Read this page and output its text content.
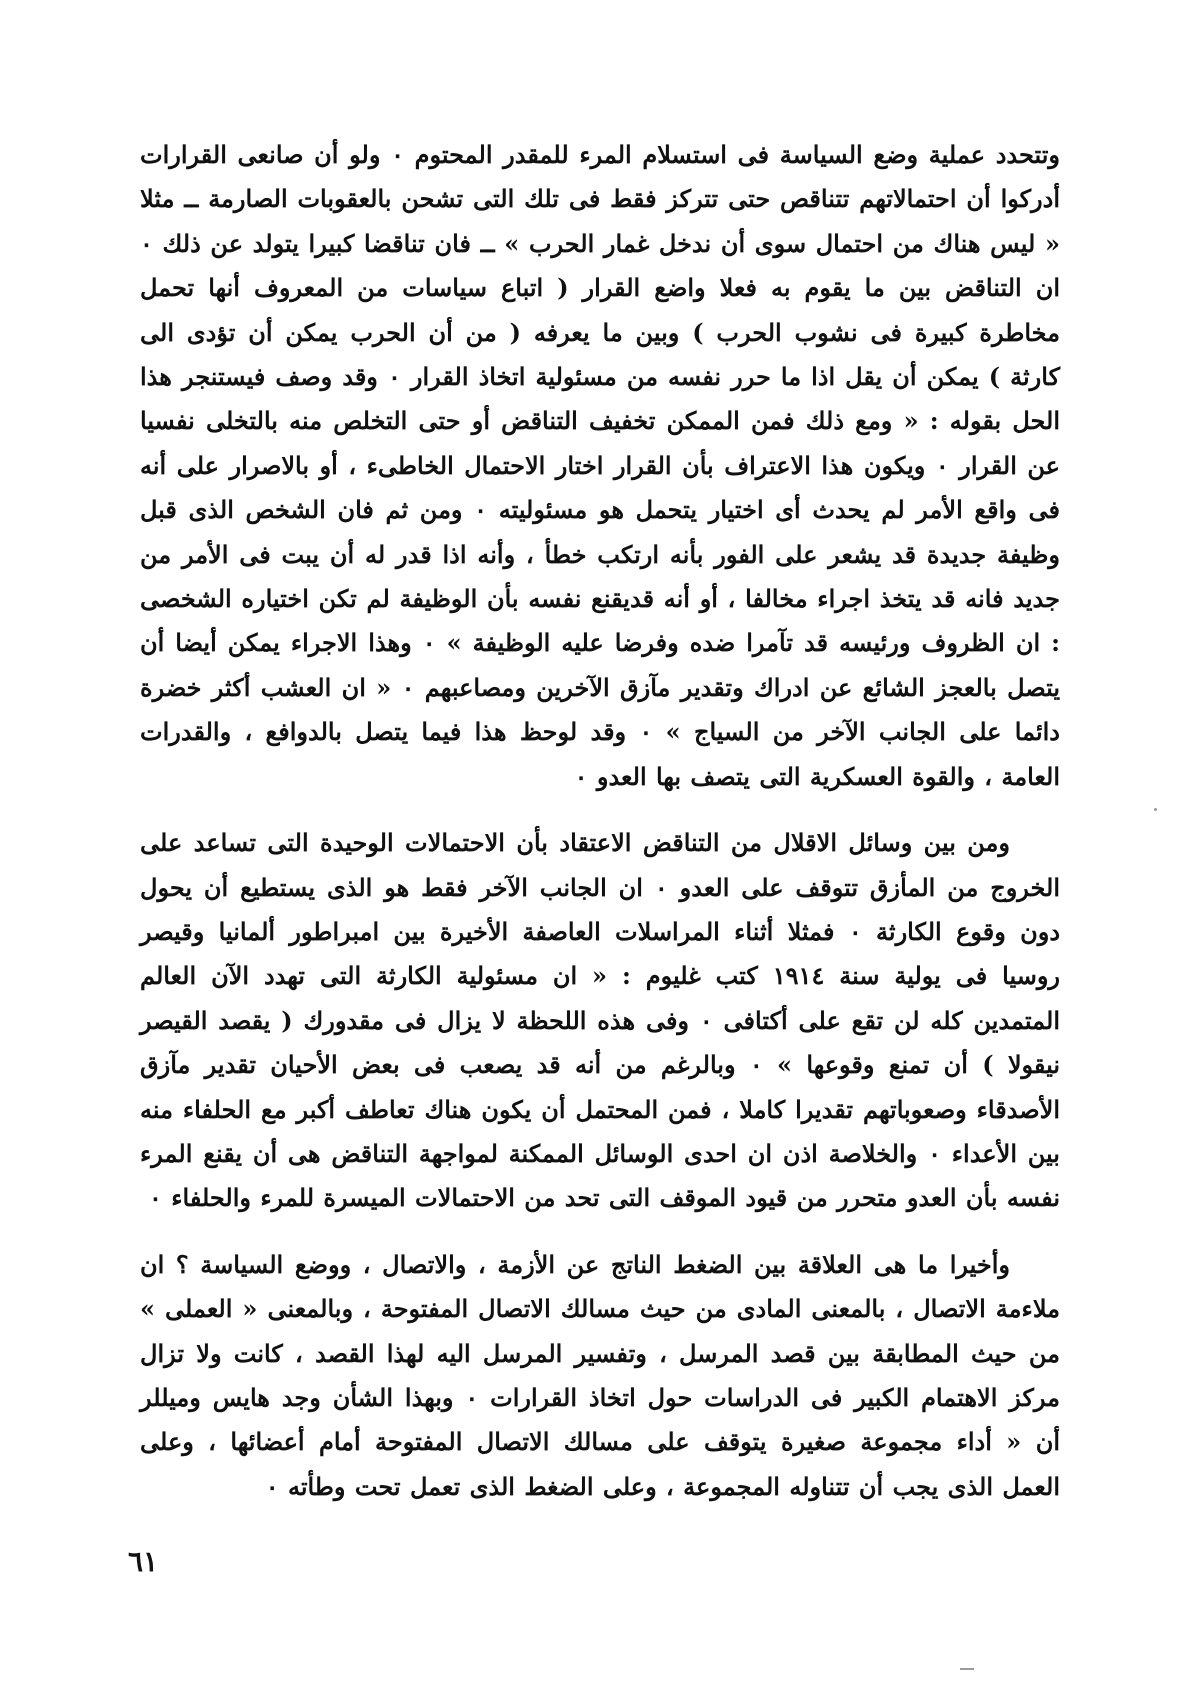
وتتحدد عملية وضع السياسة فى استسلام المرء للمقدر المحتوم ٠ ولو أن صانعى القرارات أدركوا أن احتمالاتهم تتناقص حتى تتركز فقط فى تلك التى تشحن بالعقوبات الصارمة ــ مثلا « ليس هناك من احتمال سوى أن ندخل غمار الحرب » ــ فان تناقضا كبيرا يتولد عن ذلك ٠ ان التناقض بين ما يقوم به فعلا واضع القرار ( اتباع سياسات من المعروف أنها تحمل مخاطرة كبيرة فى نشوب الحرب ) وبين ما يعرفه ( من أن الحرب يمكن أن تؤدى الى كارثة ) يمكن أن يقل اذا ما حرر نفسه من مسئولية اتخاذ القرار ٠ وقد وصف فيستنجر هذا الحل بقوله : « ومع ذلك فمن الممكن تخفيف التناقض أو حتى التخلص منه بالتخلى نفسيا عن القرار ٠ ويكون هذا الاعتراف بأن القرار اختار الاحتمال الخاطىء ، أو بالاصرار على أنه فى واقع الأمر لم يحدث أى اختيار يتحمل هو مسئوليته ٠ ومن ثم فان الشخص الذى قبل وظيفة جديدة قد يشعر على الفور بأنه ارتكب خطأ ، وأنه اذا قدر له أن يبت فى الأمر من جديد فانه قد يتخذ اجراء مخالفا ، أو أنه قديقنع نفسه بأن الوظيفة لم تكن اختياره الشخصى : ان الظروف ورئيسه قد تآمرا ضده وفرضا عليه الوظيفة » ٠ وهذا الاجراء يمكن أيضا أن يتصل بالعجز الشائع عن ادراك وتقدير مآزق الآخرين ومصاعبهم ٠ « ان العشب أكثر خضرة دائما على الجانب الآخر من السياج » ٠ وقد لوحظ هذا فيما يتصل بالدوافع ، والقدرات العامة ، والقوة العسكرية التى يتصف بها العدو ٠

ومن بين وسائل الاقلال من التناقض الاعتقاد بأن الاحتمالات الوحيدة التى تساعد على الخروج من المأزق تتوقف على العدو ٠ ان الجانب الآخر فقط هو الذى يستطيع أن يحول دون وقوع الكارثة ٠ فمثلا أثناء المراسلات العاصفة الأخيرة بين امبراطور ألمانيا وقيصر روسيا فى يولية سنة ١٩١٤ كتب غليوم : « ان مسئولية الكارثة التى تهدد الآن العالم المتمدين كله لن تقع على أكتافى ٠ وفى هذه اللحظة لا يزال فى مقدورك ( يقصد القيصر نيقولا ) أن تمنع وقوعها » ٠ وبالرغم من أنه قد يصعب فى بعض الأحيان تقدير مآزق الأصدقاء وصعوباتهم تقديرا كاملا ، فمن المحتمل أن يكون هناك تعاطف أكبر مع الحلفاء منه بين الأعداء ٠ والخلاصة اذن ان احدى الوسائل الممكنة لمواجهة التناقض هى أن يقنع المرء نفسه بأن العدو متحرر من قيود الموقف التى تحد من الاحتمالات الميسرة للمرء والحلفاء ٠

وأخيرا ما هى العلاقة بين الضغط الناتج عن الأزمة ، والاتصال ، ووضع السياسة ؟ ان ملاءمة الاتصال ، بالمعنى المادى من حيث مسالك الاتصال المفتوحة ، وبالمعنى « العملى » من حيث المطابقة بين قصد المرسل ، وتفسير المرسل اليه لهذا القصد ، كانت ولا تزال مركز الاهتمام الكبير فى الدراسات حول اتخاذ القرارات ٠ وبهذا الشأن وجد هايس وميللر أن « أداء مجموعة صغيرة يتوقف على مسالك الاتصال المفتوحة أمام أعضائها ، وعلى العمل الذى يجب أن تتناوله المجموعة ، وعلى الضغط الذى تعمل تحت وطأته ٠

٦١
